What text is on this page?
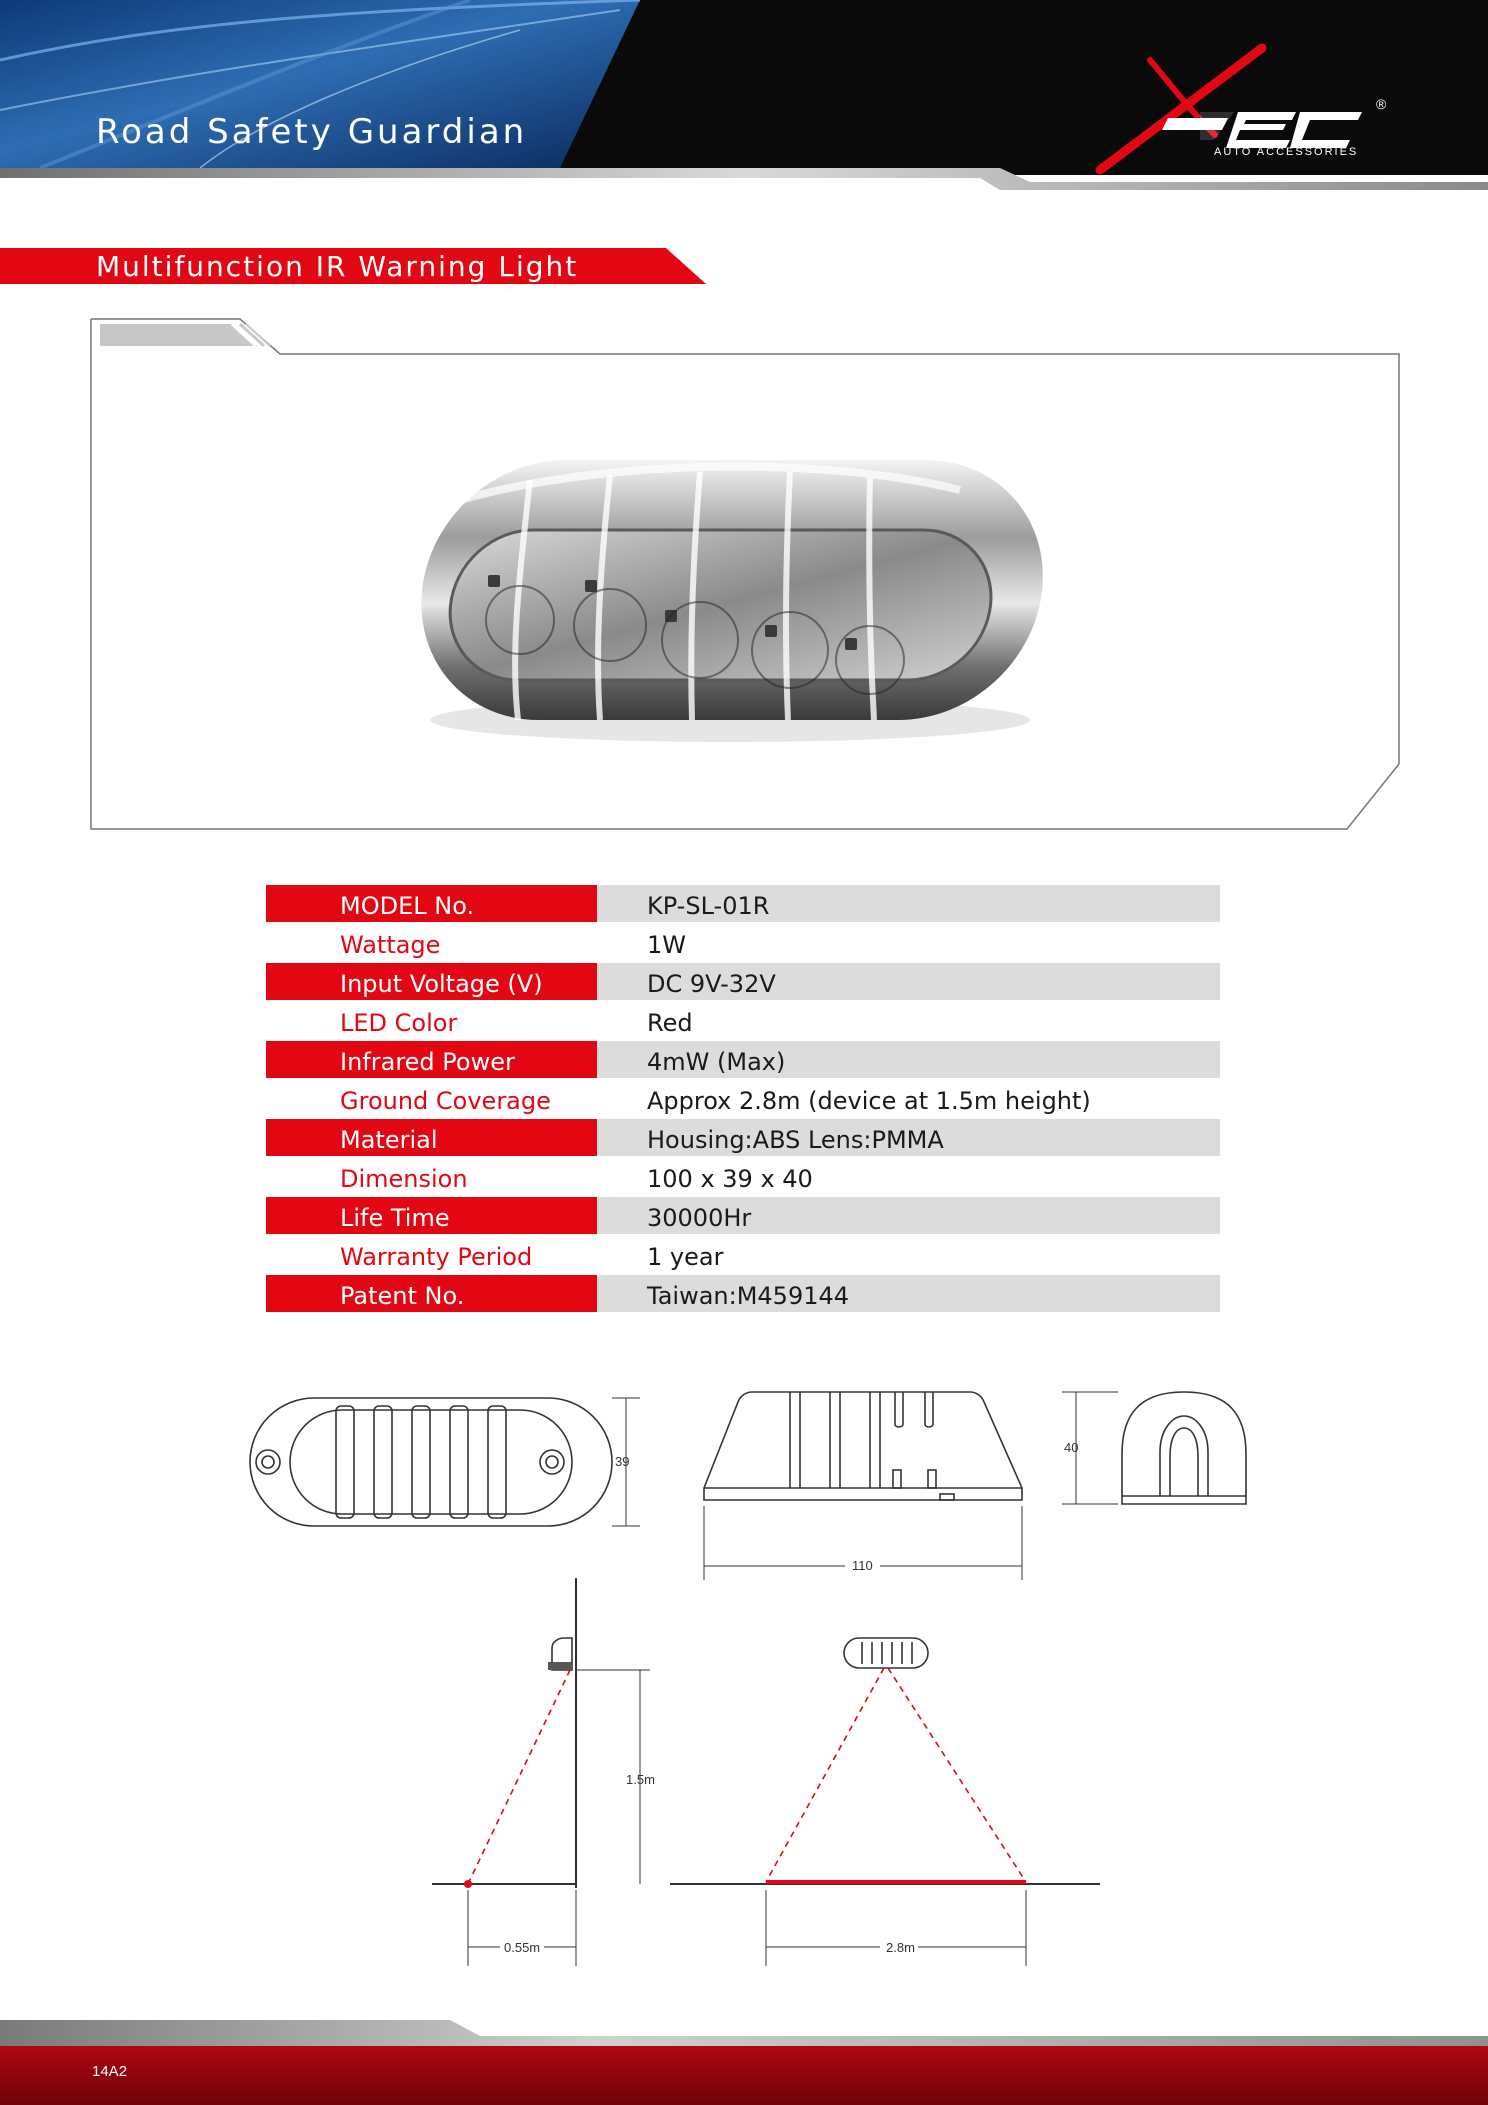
Road Safety Guardian	AUTO ACCESSORIES
®
Multifunction IR Warning Light
MODEL No.	KP-SL-01R
Wattage	1W
Input Voltage (V)	DC 9V-32V
LED Color	Red
Infrared Power	4mW (Max)
Ground Coverage	Approx 2.8m (device at 1.5m height)
Material	Housing:ABS Lens:PMMA
Dimension	100 x 39 x 40
Life Time	30000Hr
Warranty Period	1 year
Patent No.	Taiwan:M459144
39
110
40
1.5m
0.55m	2.8m
14A2
